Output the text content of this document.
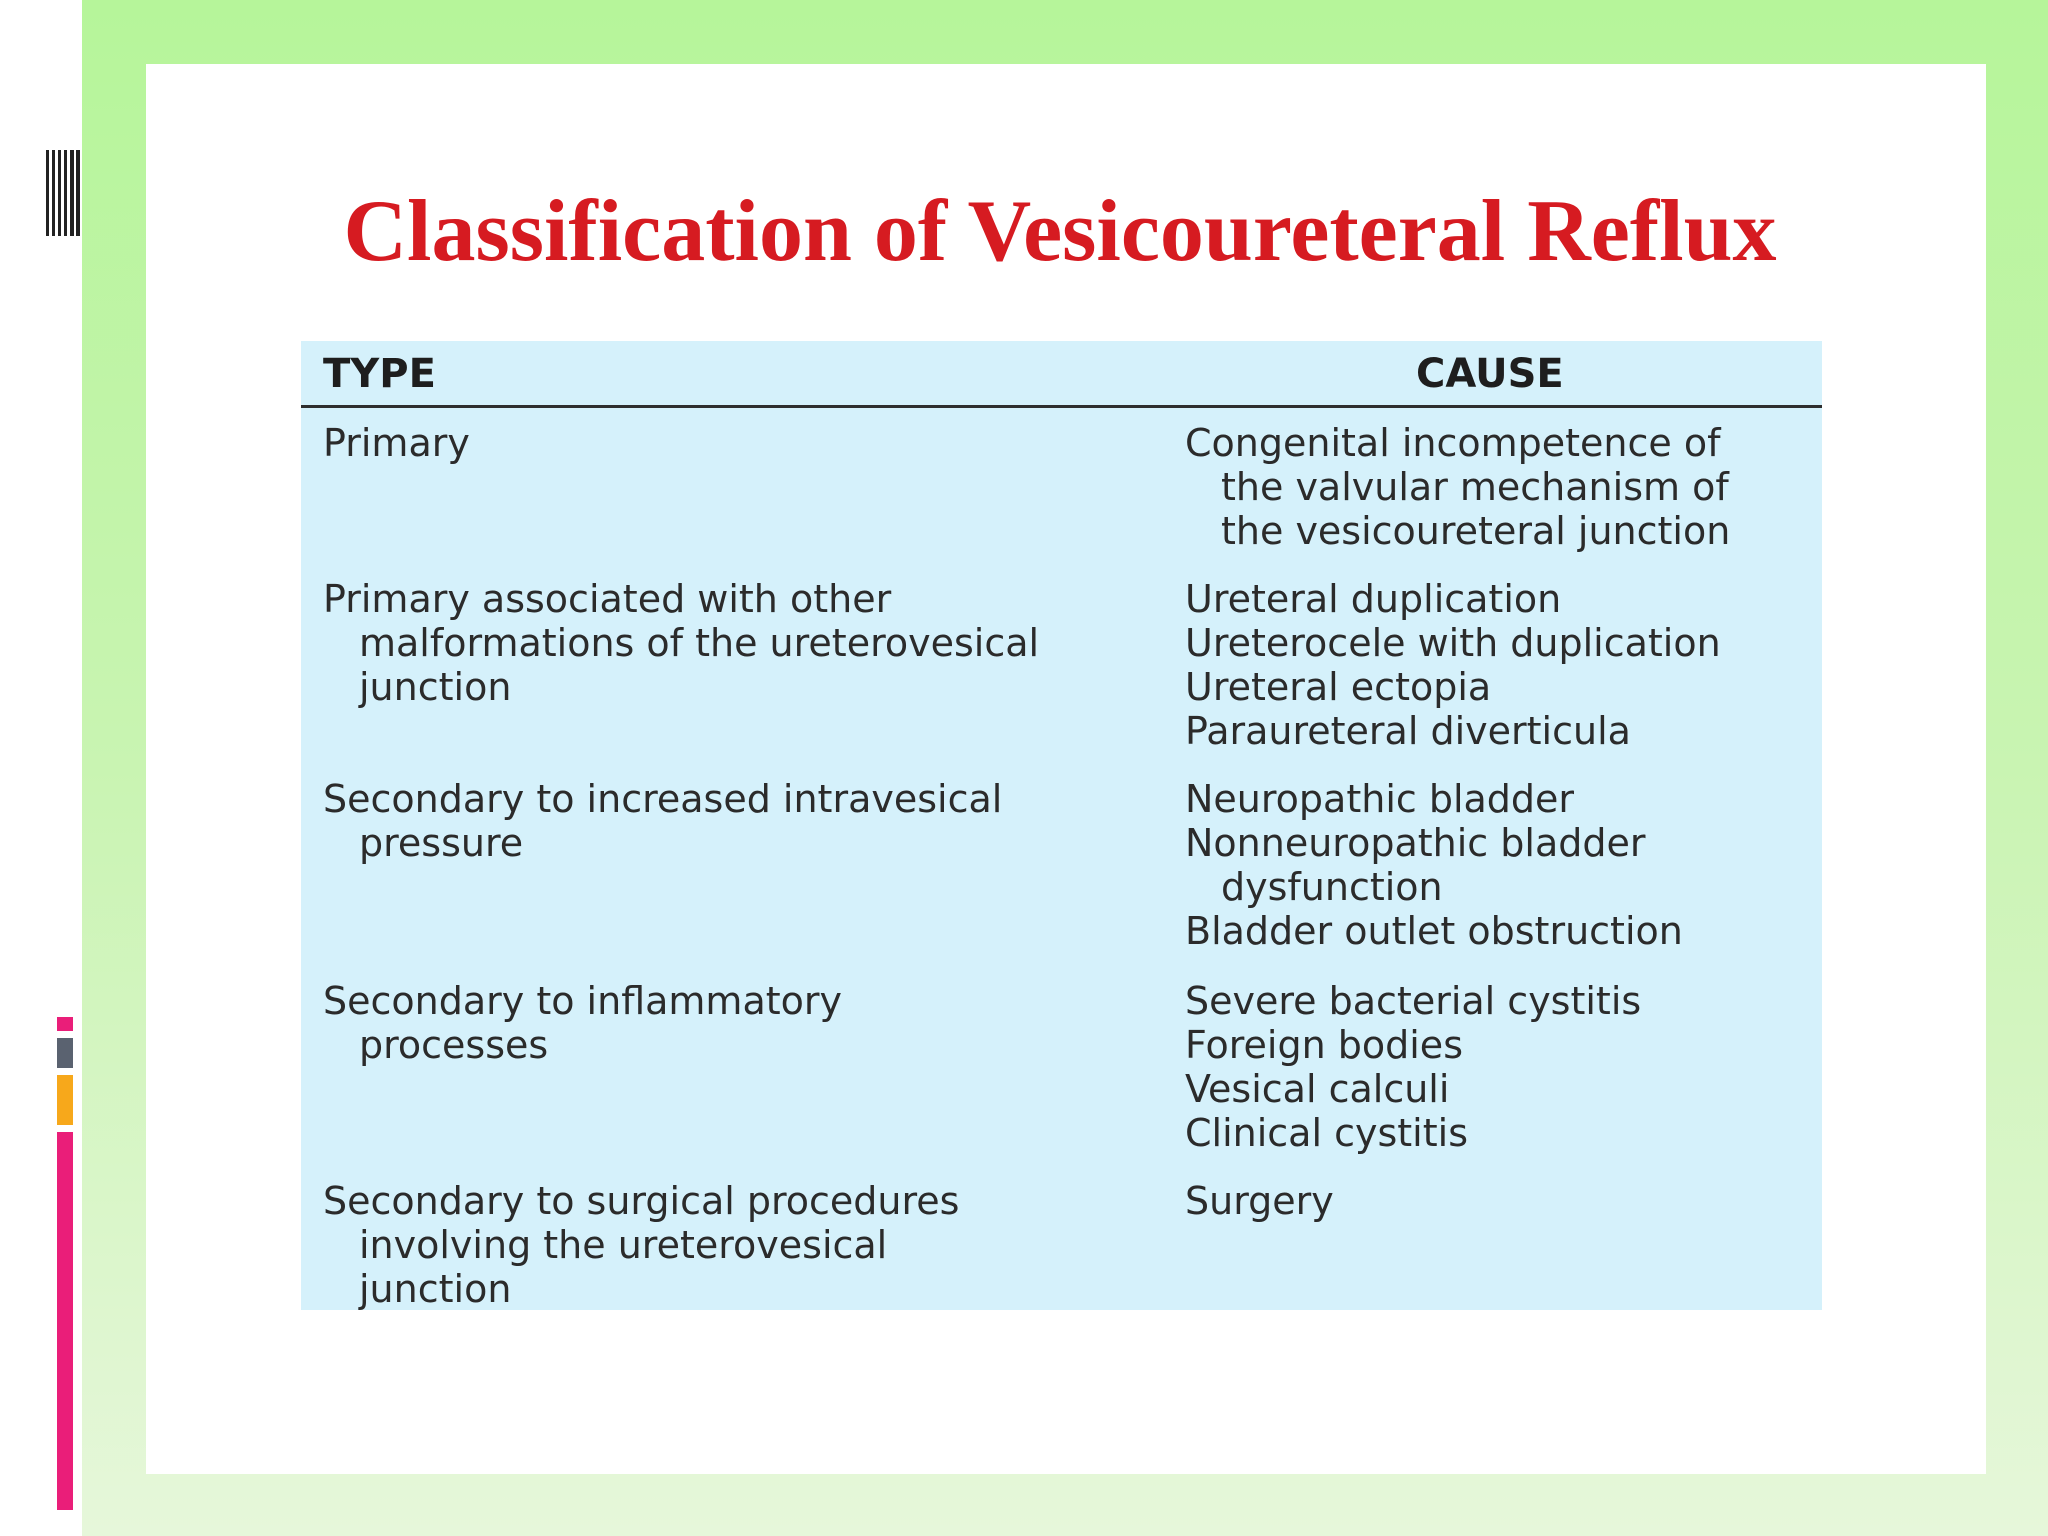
Classification of Vesicoureteral Reflux
TYPE	CAUSE
Primary	Congenital incompetence of
the valvular mechanism of
the vesicoureteral junction
Primary associated with other
malformations of the ureterovesical
junction
Ureteral duplication
Ureterocele with duplication
Ureteral ectopia
Paraureteral diverticula
Secondary to increased intravesical
pressure
Neuropathic bladder
Nonneuropathic bladder
dysfunction
Bladder outlet obstruction
Secondary to inflammatory
processes
Severe bacterial cystitis
Foreign bodies
Vesical calculi
Clinical cystitis
Secondary to surgical procedures
involving the ureterovesical
junction
Surgery
